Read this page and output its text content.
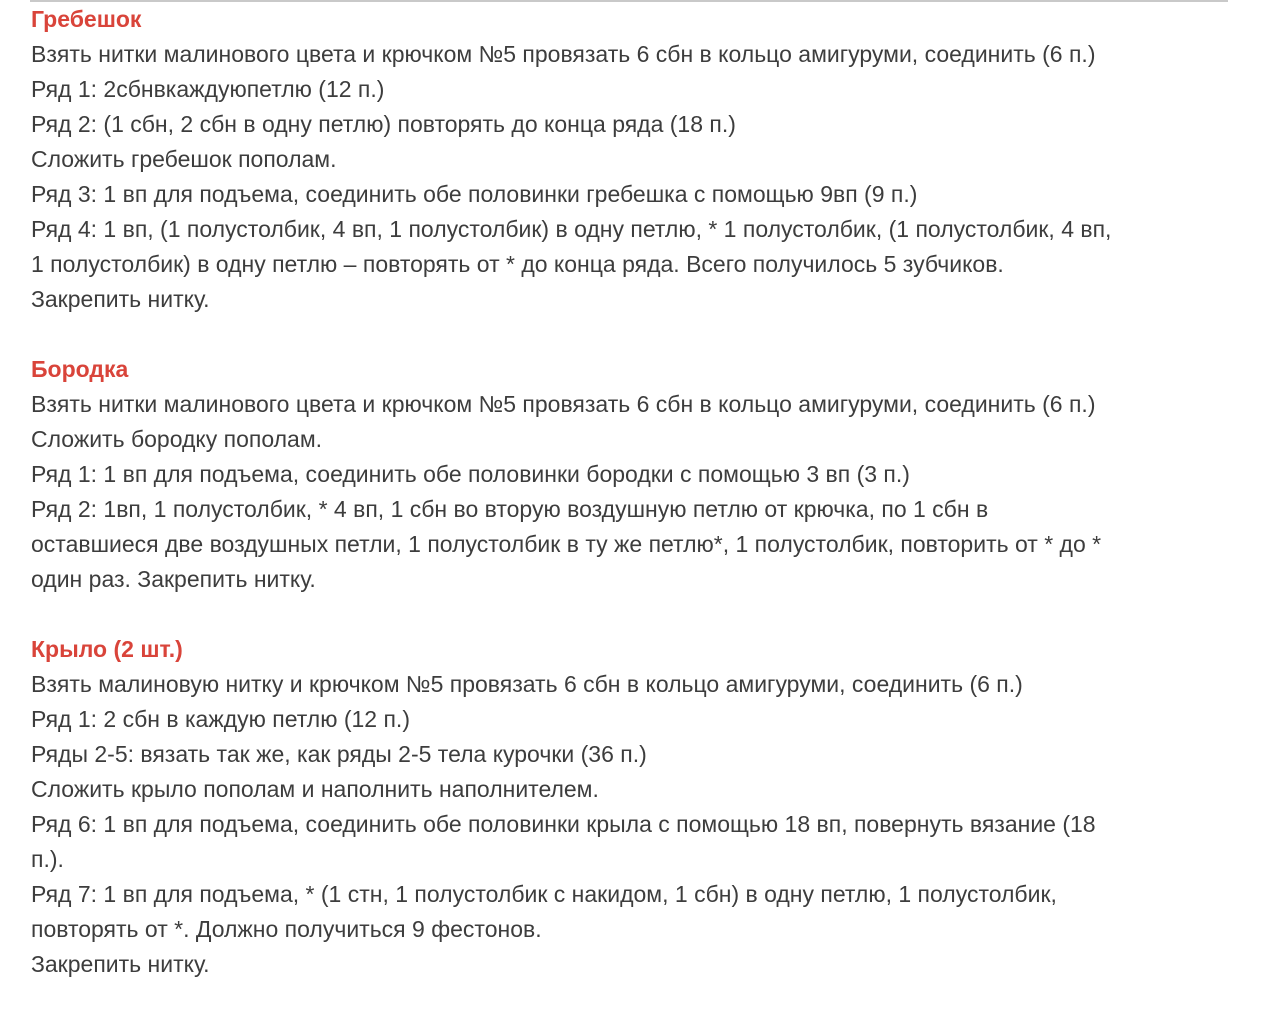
Гребешок
Взять нитки малинового цвета и крючком №5 провязать 6 сбн в кольцо амигуруми, соединить (6 п.)
Ряд 1: 2сбнвкаждуюпетлю (12 п.)
Ряд 2: (1 сбн, 2 сбн в одну петлю) повторять до конца ряда (18 п.)
Сложить гребешок пополам.
Ряд 3: 1 вп для подъема, соединить обе половинки гребешка с помощью 9вп (9 п.)
Ряд 4: 1 вп, (1 полустолбик, 4 вп, 1 полустолбик) в одну петлю, * 1 полустолбик, (1 полустолбик, 4 вп,
1 полустолбик) в одну петлю – повторять от * до конца ряда. Всего получилось 5 зубчиков.
Закрепить нитку.
Бородка
Взять нитки малинового цвета и крючком №5 провязать 6 сбн в кольцо амигуруми, соединить (6 п.)
Сложить бородку пополам.
Ряд 1: 1 вп для подъема, соединить обе половинки бородки с помощью 3 вп (3 п.)
Ряд 2: 1вп, 1 полустолбик, * 4 вп, 1 сбн во вторую воздушную петлю от крючка, по 1 сбн в
оставшиеся две воздушных петли, 1 полустолбик в ту же петлю*, 1 полустолбик, повторить от * до *
один раз. Закрепить нитку.
Крыло (2 шт.)
Взять малиновую нитку и крючком №5 провязать 6 сбн в кольцо амигуруми, соединить (6 п.)
Ряд 1: 2 сбн в каждую петлю (12 п.)
Ряды 2-5: вязать так же, как ряды 2-5 тела курочки (36 п.)
Сложить крыло пополам и наполнить наполнителем.
Ряд 6: 1 вп для подъема, соединить обе половинки крыла с помощью 18 вп, повернуть вязание (18
п.).
Ряд 7: 1 вп для подъема, * (1 стн, 1 полустолбик с накидом, 1 сбн) в одну петлю, 1 полустолбик,
повторять от *. Должно получиться 9 фестонов.
Закрепить нитку.
